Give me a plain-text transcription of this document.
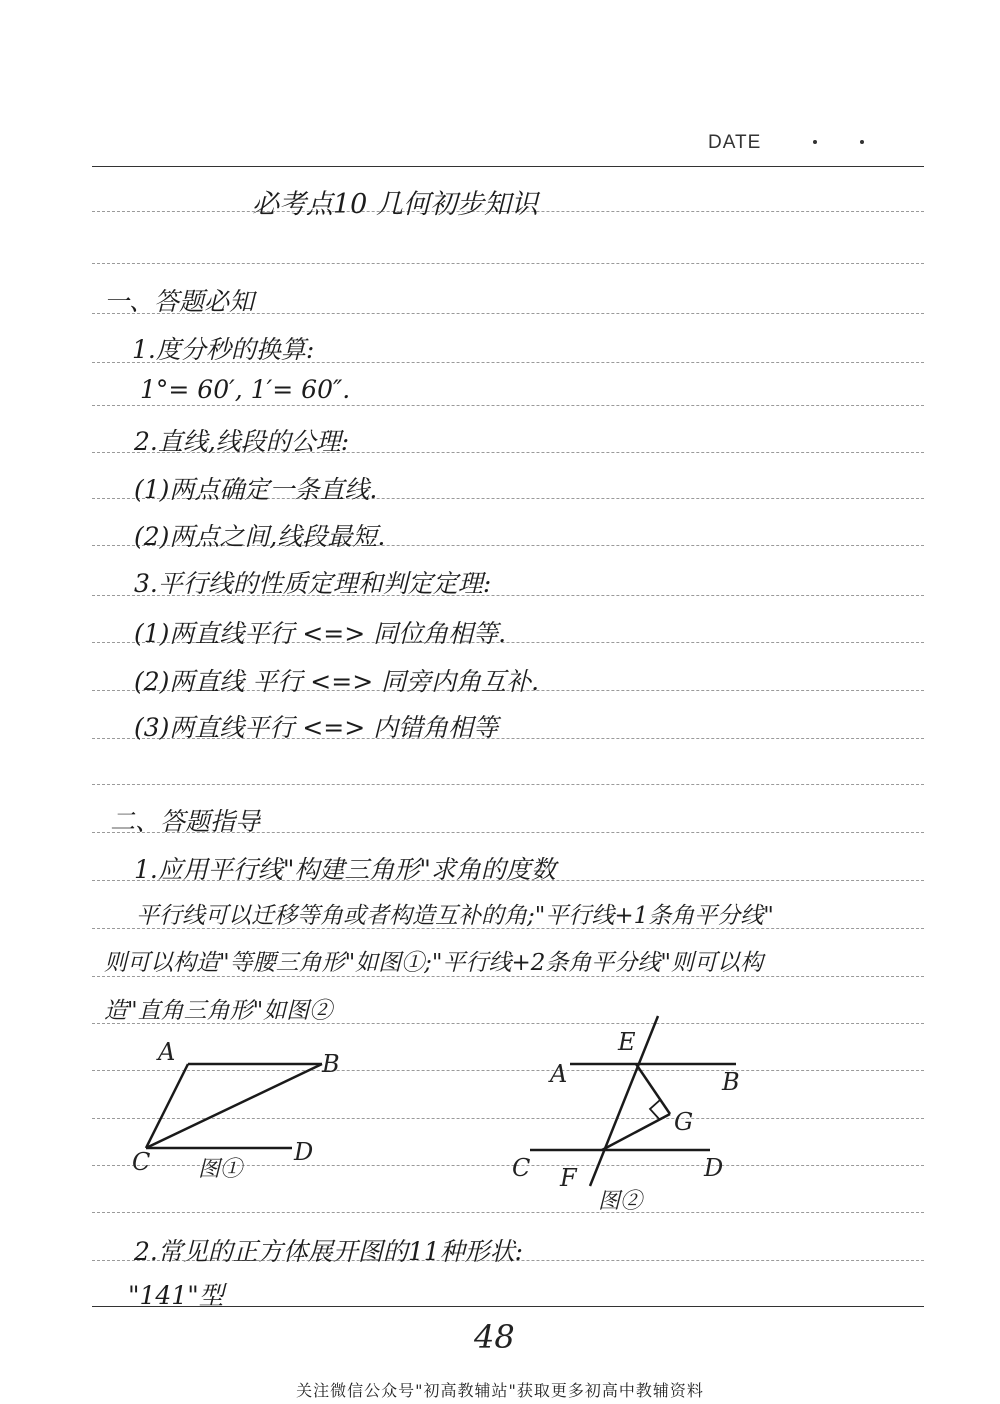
DATE
必考点10 几何初步知识
一、答题必知
1.度分秒的换算:
1°= 60′, 1′= 60″.
2.直线,线段的公理:
(1)两点确定一条直线.
(2)两点之间,线段最短.
3.平行线的性质定理和判定定理:
(1)两直线平行 <=> 同位角相等.
(2)两直线 平行 <=> 同旁内角互补.
(3)两直线平行 <=> 内错角相等
二、答题指导
1.应用平行线"构建三角形"求角的度数
平行线可以迁移等角或者构造互补的角;"平行线+1条角平分线"
则可以构造"等腰三角形"如图①;"平行线+2条角平分线"则可以构
造"直角三角形"如图②
A	B
C	D
图①
E
A	B
G
C F	D
图②
2.常见的正方体展开图的11种形状:
"141"型
48
关注微信公众号"初高教辅站"获取更多初高中教辅资料
